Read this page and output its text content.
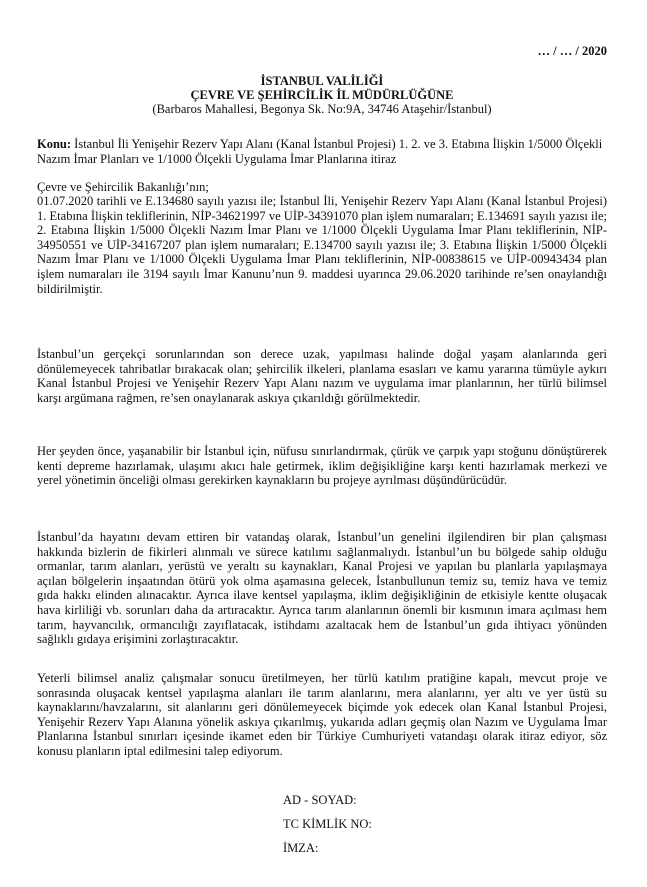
… / … / 2020
İSTANBUL VALİLİĞİ
ÇEVRE VE ŞEHİRCİLİK İL MÜDÜRLÜĞÜNE
(Barbaros Mahallesi, Begonya Sk. No:9A, 34746 Ataşehir/İstanbul)
Konu: İstanbul İli Yenişehir Rezerv Yapı Alanı (Kanal İstanbul Projesi) 1. 2. ve 3. Etabına İlişkin 1/5000 Ölçekli Nazım İmar Planları ve 1/1000 Ölçekli Uygulama İmar Planlarına itiraz

Çevre ve Şehircilik Bakanlığı’nın;

01.07.2020 tarihli ve E.134680 sayılı yazısı ile; İstanbul İli, Yenişehir Rezerv Yapı Alanı (Kanal İstanbul Projesi) 1. Etabına İlişkin tekliflerinin, NİP-34621997 ve UİP-34391070 plan işlem numaraları; E.134691 sayılı yazısı ile; 2. Etabına İlişkin 1/5000 Ölçekli Nazım İmar Planı ve 1/1000 Ölçekli Uygulama İmar Planı tekliflerinin, NİP-34950551 ve UİP-34167207 plan işlem numaraları; E.134700 sayılı yazısı ile; 3. Etabına İlişkin 1/5000 Ölçekli Nazım İmar Planı ve 1/1000 Ölçekli Uygulama İmar Planı tekliflerinin, NİP-00838615 ve UİP-00943434 plan işlem numaraları ile 3194 sayılı İmar Kanunu’nun 9. maddesi uyarınca 29.06.2020 tarihinde re’sen onaylandığı bildirilmiştir.

İstanbul’un gerçekçi sorunlarından son derece uzak, yapılması halinde doğal yaşam alanlarında geri dönülemeyecek tahribatlar bırakacak olan; şehircilik ilkeleri, planlama esasları ve kamu yararına tümüyle aykırı Kanal İstanbul Projesi ve Yenişehir Rezerv Yapı Alanı nazım ve uygulama imar planlarının, her türlü bilimsel karşı argümana rağmen, re’sen onaylanarak askıya çıkarıldığı görülmektedir.

Her şeyden önce, yaşanabilir bir İstanbul için, nüfusu sınırlandırmak, çürük ve çarpık yapı stoğunu dönüştürerek kenti depreme hazırlamak, ulaşımı akıcı hale getirmek, iklim değişikliğine karşı kenti hazırlamak merkezi ve yerel yönetimin önceliği olması gerekirken kaynakların bu projeye ayrılması düşündürücüdür.

İstanbul’da hayatını devam ettiren bir vatandaş olarak, İstanbul’un genelini ilgilendiren bir plan çalışması hakkında bizlerin de fikirleri alınmalı ve sürece katılımı sağlanmalıydı. İstanbul’un bu bölgede sahip olduğu ormanlar, tarım alanları, yerüstü ve yeraltı su kaynakları, Kanal Projesi ve yapılan bu planlarla yapılaşmaya açılan bölgelerin inşaatından ötürü yok olma aşamasına gelecek, İstanbullunun temiz su, temiz hava ve temiz gıda hakkı elinden alınacaktır. Ayrıca ilave kentsel yapılaşma, iklim değişikliğinin de etkisiyle kentte oluşacak hava kirliliği vb. sorunları daha da artıracaktır. Ayrıca tarım alanlarının önemli bir kısmının imara açılması hem tarım, hayvancılık, ormancılığı zayıflatacak, istihdamı azaltacak hem de İstanbul’un gıda ihtiyacı yönünden sağlıklı gıdaya erişimini zorlaştıracaktır.

Yeterli bilimsel analiz çalışmalar sonucu üretilmeyen, her türlü katılım pratiğine kapalı, mevcut proje ve sonrasında oluşacak kentsel yapılaşma alanları ile tarım alanlarını, mera alanlarını, yer altı ve yer üstü su kaynaklarını/havzalarını, sit alanlarını geri dönülemeyecek biçimde yok edecek olan Kanal İstanbul Projesi, Yenişehir Rezerv Yapı Alanına yönelik askıya çıkarılmış, yukarıda adları geçmiş olan Nazım ve Uygulama İmar Planlarına İstanbul sınırları içesinde ikamet eden bir Türkiye Cumhuriyeti vatandaşı olarak itiraz ediyor, söz konusu planların iptal edilmesini talep ediyorum.

AD - SOYAD:
TC KİMLİK NO:
İMZA:
